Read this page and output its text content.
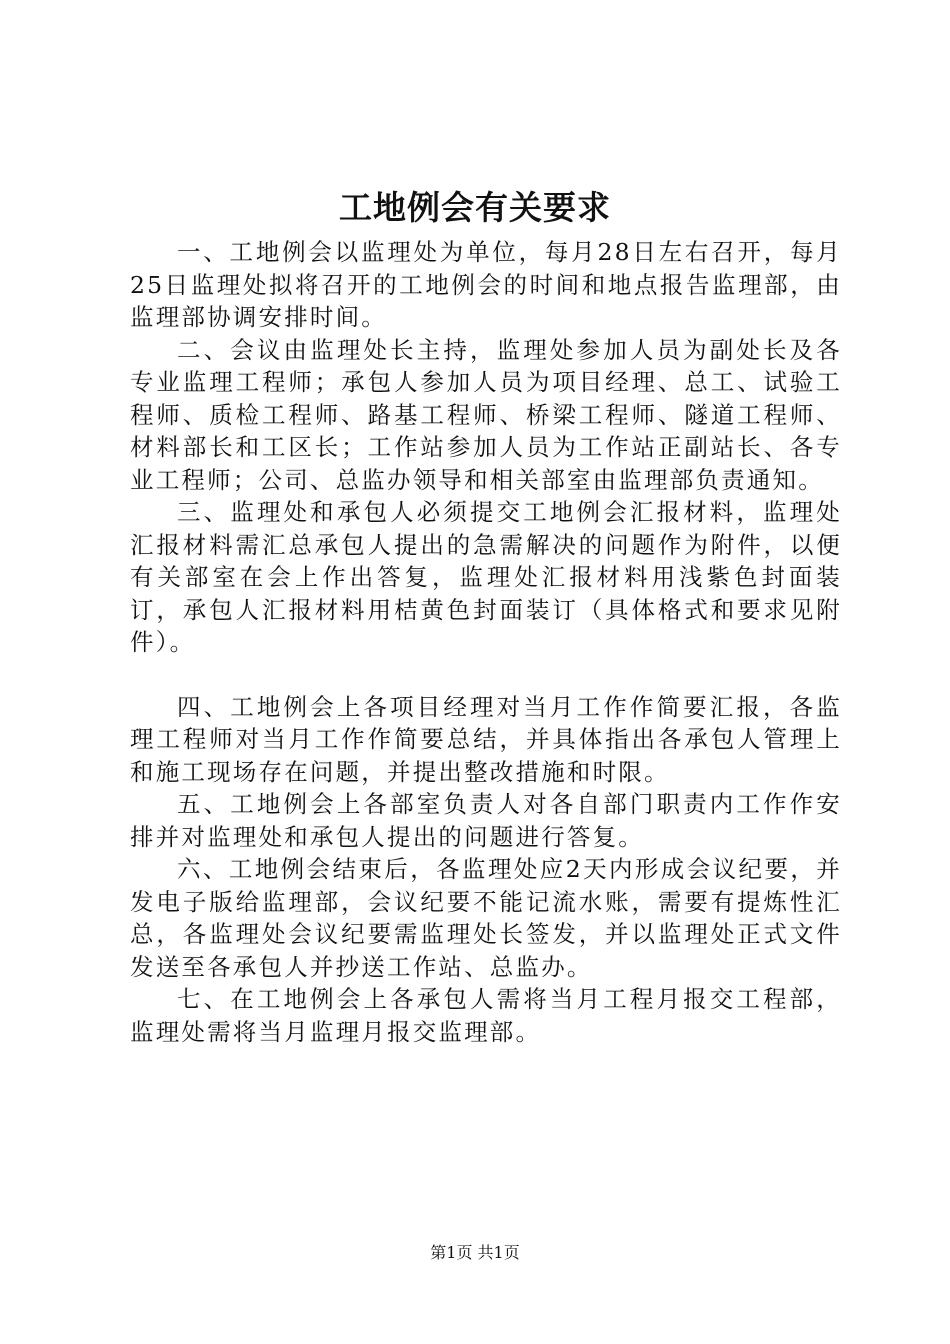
工地例会有关要求

一、工地例会以监理处为单位，每月28日左右召开，每月25日监理处拟将召开的工地例会的时间和地点报告监理部，由监理部协调安排时间。

二、会议由监理处长主持，监理处参加人员为副处长及各专业监理工程师；承包人参加人员为项目经理、总工、试验工程师、质检工程师、路基工程师、桥梁工程师、隧道工程师、材料部长和工区长；工作站参加人员为工作站正副站长、各专业工程师；公司、总监办领导和相关部室由监理部负责通知。

三、监理处和承包人必须提交工地例会汇报材料，监理处汇报材料需汇总承包人提出的急需解决的问题作为附件，以便有关部室在会上作出答复，监理处汇报材料用浅紫色封面装订，承包人汇报材料用桔黄色封面装订（具体格式和要求见附件）。

四、工地例会上各项目经理对当月工作作简要汇报，各监理工程师对当月工作作简要总结，并具体指出各承包人管理上和施工现场存在问题，并提出整改措施和时限。

五、工地例会上各部室负责人对各自部门职责内工作作安排并对监理处和承包人提出的问题进行答复。

六、工地例会结束后，各监理处应2天内形成会议纪要，并发电子版给监理部，会议纪要不能记流水账，需要有提炼性汇总，各监理处会议纪要需监理处长签发，并以监理处正式文件发送至各承包人并抄送工作站、总监办。

七、在工地例会上各承包人需将当月工程月报交工程部，监理处需将当月监理月报交监理部。

第1页 共1页
